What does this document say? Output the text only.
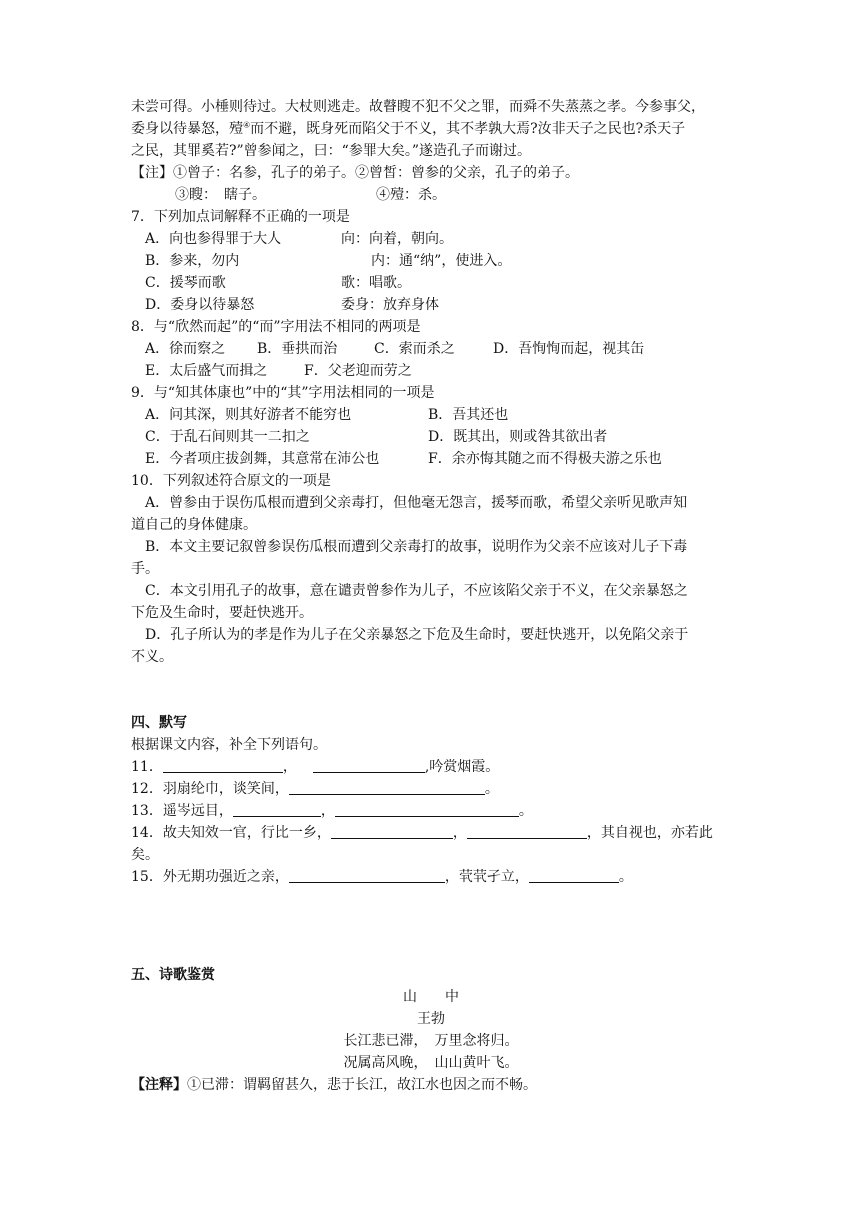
未尝可得。小棰则待过。大杖则逃走。故瞽瞍不犯不父之罪，而舜不失蒸蒸之孝。今参事父，
委身以待暴怒，殪④而不避，既身死而陷父于不义，其不孝孰大焉?汝非天子之民也?杀天子
之民，其罪奚若?”曾参闻之，曰：“参罪大矣。”遂造孔子而谢过。
【注】①曾子：名参，孔子的弟子。②曾皙：曾参的父亲，孔子的弟子。
③瞍：　瞎子。	④殪：杀。
7．下列加点词解释不正确的一项是
A．向也参得罪于大人	向：向着，朝向。
B．参来，勿内	内：通“纳”，使进入。
C．援琴而歌	歌：唱歌。
D．委身以待暴怒	委身：放弃身体
8．与“欣然而起”的“而”字用法不相同的两项是
A．徐而察之 B．垂拱而治	C．索而杀之	D．吾恂恂而起，视其缶
E．太后盛气而揖之	F．父老迎而劳之
9．与“知其体康也”中的“其”字用法相同的一项是
A．问其深，则其好游者不能穷也	B．吾其还也
C．于乱石间则其一二扣之	D．既其出，则或咎其欲出者
E．今者项庄拔剑舞，其意常在沛公也	F．余亦悔其随之而不得极夫游之乐也
10．下列叙述符合原文的一项是
A．曾参由于误伤瓜根而遭到父亲毒打，但他毫无怨言，援琴而歌，希望父亲听见歌声知
道自己的身体健康。
B．本文主要记叙曾参误伤瓜根而遭到父亲毒打的故事，说明作为父亲不应该对儿子下毒
手。
C．本文引用孔子的故事，意在谴责曾参作为儿子，不应该陷父亲于不义，在父亲暴怒之
下危及生命时，要赶快逃开。
D．孔子所认为的孝是作为儿子在父亲暴怒之下危及生命时，要赶快逃开，以免陷父亲于
不义。
四、默写
根据课文内容，补全下列语句。
11．	，	,吟赏烟霞。
12．羽扇纶巾，谈笑间，	。
13．遥岑远目，	，	。
14．故夫知效一官，行比一乡，	，	，其自视也，亦若此
矣。
15．外无期功强近之亲，	，茕茕孑立，	。
五、诗歌鉴赏
山　　中
王勃
长江悲已滞，　万里念将归。
况属高风晚，　山山黄叶飞。
【注释】①已滞：谓羁留甚久，悲于长江，故江水也因之而不畅。
